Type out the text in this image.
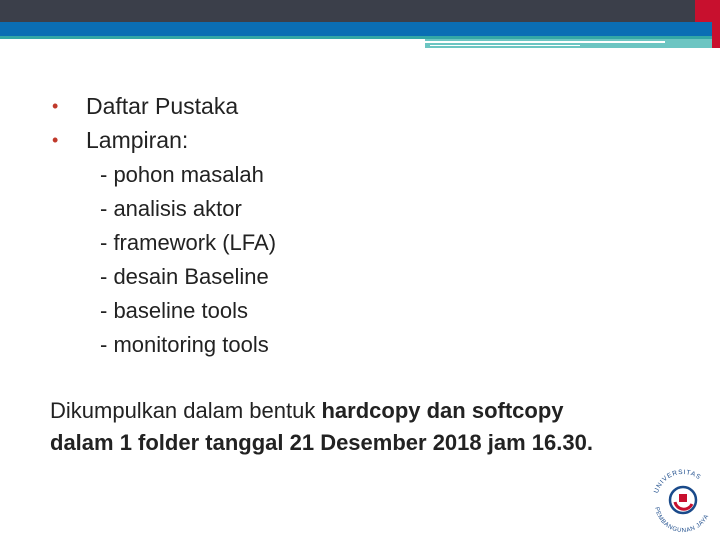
• Daftar Pustaka
• Lampiran:
- pohon masalah
- analisis aktor
- framework (LFA)
- desain Baseline
- baseline tools
- monitoring tools
Dikumpulkan dalam bentuk hardcopy dan softcopy
dalam 1 folder tanggal 21 Desember 2018 jam 16.30.
UNIVERSITAS
PEMBANGUNAN JAYA
